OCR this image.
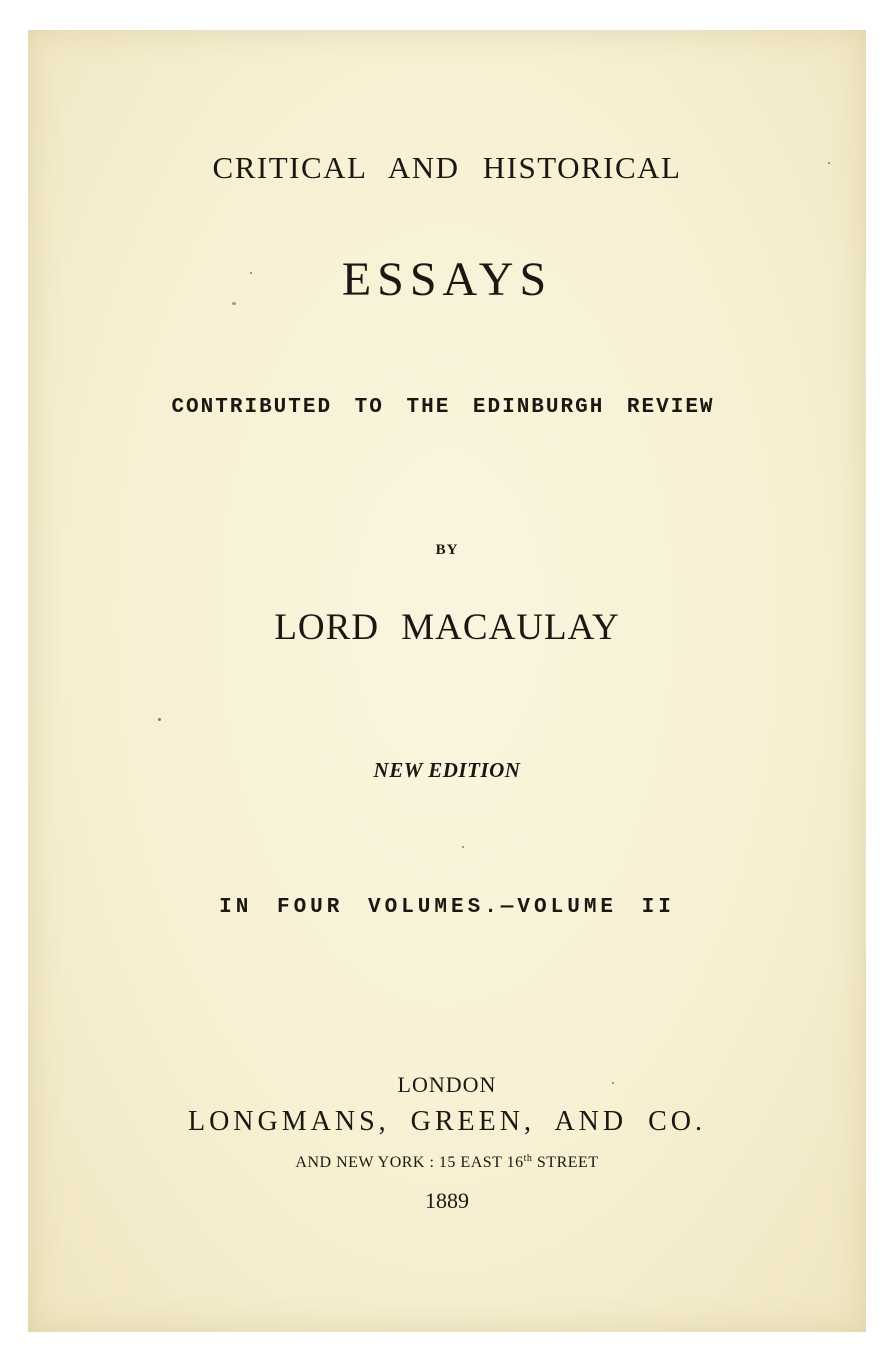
CRITICAL AND HISTORICAL
ESSAYS
CONTRIBUTED TO THE EDINBURGH REVIEW
BY
LORD MACAULAY
NEW EDITION
IN FOUR VOLUMES.—VOLUME II
LONDON
LONGMANS, GREEN, AND CO.
AND NEW YORK : 15 EAST 16th STREET
1889
